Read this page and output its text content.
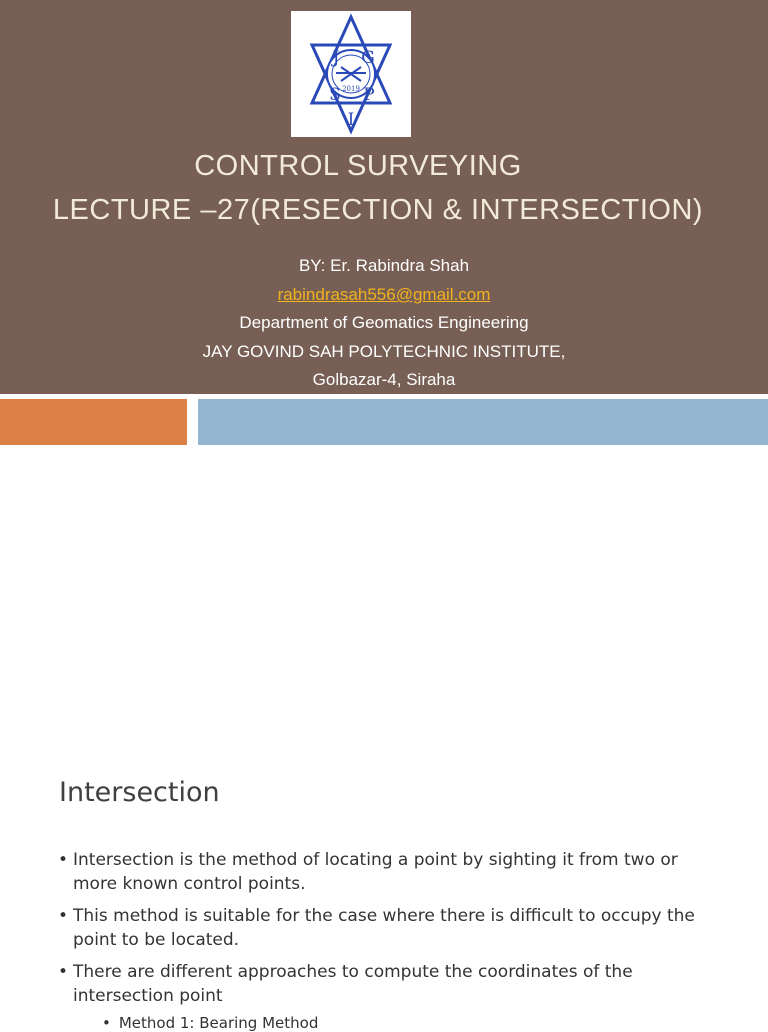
2019
J G
S P
I
CONTROL SURVEYING
LECTURE –27(RESECTION & INTERSECTION)
BY: Er. Rabindra Shah
rabindrasah556@gmail.com
Department of Geomatics Engineering
JAY GOVIND SAH POLYTECHNIC INSTITUTE,
Golbazar-4, Siraha
Intersection
• Intersection is the method of locating a point by sighting it from two or more known control points.
• This method is suitable for the case where there is difficult to occupy the point to be located.
• There are different approaches to compute the coordinates of the intersection point
• Method 1: Bearing Method
